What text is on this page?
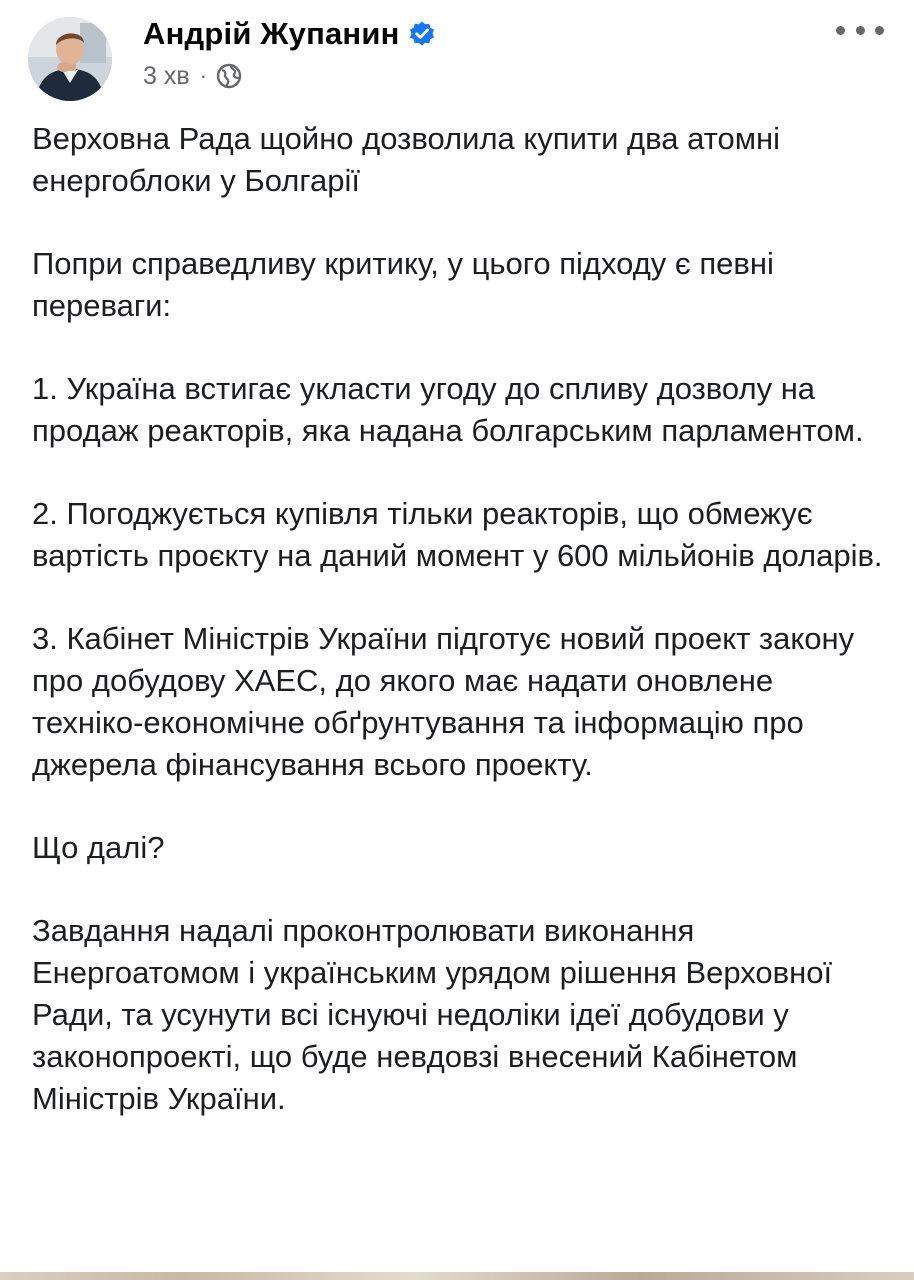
Андрій Жупанин
3 хв ·

Верховна Рада щойно дозволила купити два атомні енергоблоки у Болгарії

Попри справедливу критику, у цього підходу є певні переваги:

1. Україна встигає укласти угоду до спливу дозволу на продаж реакторів, яка надана болгарським парламентом.

2. Погоджується купівля тільки реакторів, що обмежує вартість проєкту на даний момент у 600 мільйонів доларів.

3. Кабінет Міністрів України підготує новий проект закону про добудову ХАЕС, до якого має надати оновлене техніко-економічне обґрунтування та інформацію про джерела фінансування всього проекту.

Що далі?

Завдання надалі проконтролювати виконання Енергоатомом і українським урядом рішення Верховної Ради, та усунути всі існуючі недоліки ідеї добудови у законопроекті, що буде невдовзі внесений Кабінетом Міністрів України.
